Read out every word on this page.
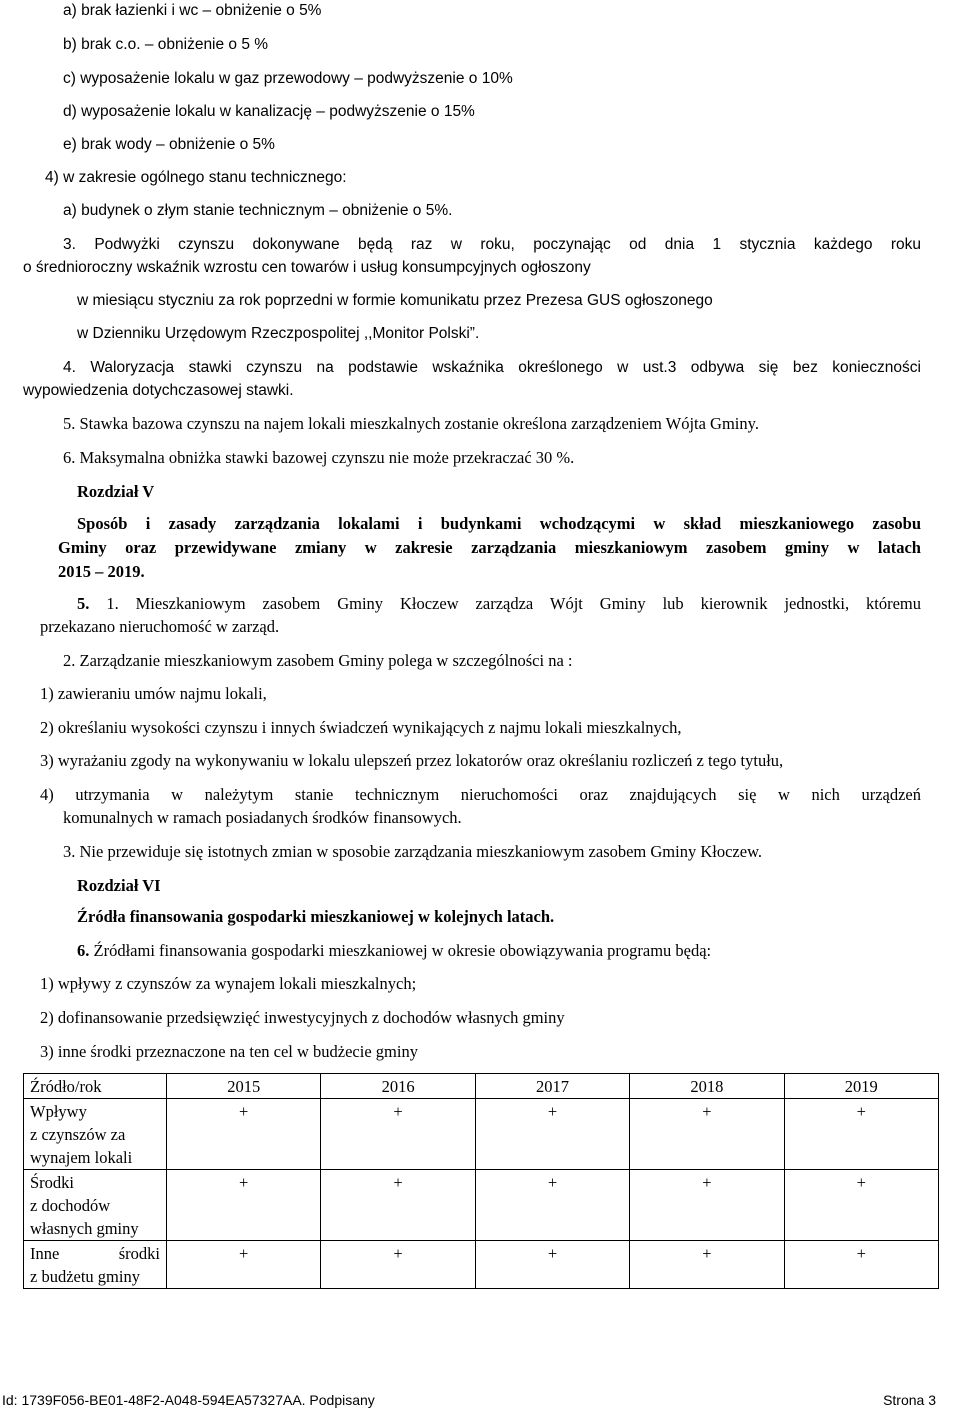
a) brak łazienki i wc – obniżenie o 5%
b) brak c.o. – obniżenie o 5 %
c) wyposażenie lokalu w gaz przewodowy – podwyższenie o 10%
d) wyposażenie lokalu w kanalizację – podwyższenie o 15%
e) brak wody – obniżenie o 5%
4) w zakresie ogólnego stanu technicznego:
a) budynek o złym stanie technicznym – obniżenie o 5%.
3. Podwyżki czynszu dokonywane będą raz w roku, poczynając od dnia 1 stycznia każdego roku
o średnioroczny wskaźnik wzrostu cen towarów i usług konsumpcyjnych ogłoszony
w miesiącu styczniu za rok poprzedni w formie komunikatu przez Prezesa GUS ogłoszonego
w Dzienniku Urzędowym Rzeczpospolitej ,,Monitor Polski”.
4. Waloryzacja stawki czynszu na podstawie wskaźnika określonego w ust.3 odbywa się bez konieczności
wypowiedzenia dotychczasowej stawki.
5. Stawka bazowa czynszu na najem lokali mieszkalnych zostanie określona zarządzeniem Wójta Gminy.
6. Maksymalna obniżka stawki bazowej czynszu nie może przekraczać 30 %.
Rozdział V
Sposób i zasady zarządzania lokalami i budynkami wchodzącymi w skład mieszkaniowego zasobu
Gminy oraz przewidywane zmiany w zakresie zarządzania mieszkaniowym zasobem gminy w latach
2015 – 2019.
5. 1. Mieszkaniowym zasobem Gminy Kłoczew zarządza Wójt Gminy lub kierownik jednostki, któremu
przekazano nieruchomość w zarząd.
2. Zarządzanie mieszkaniowym zasobem Gminy polega w szczególności na :
1) zawieraniu umów najmu lokali,
2) określaniu wysokości czynszu i innych świadczeń wynikających z najmu lokali mieszkalnych,
3) wyrażaniu zgody na wykonywaniu w lokalu ulepszeń przez lokatorów oraz określaniu rozliczeń z tego tytułu,
4) utrzymania w należytym stanie technicznym nieruchomości oraz znajdujących się w nich urządzeń
komunalnych w ramach posiadanych środków finansowych.
3. Nie przewiduje się istotnych zmian w sposobie zarządzania mieszkaniowym zasobem Gminy Kłoczew.
Rozdział VI
Źródła finansowania gospodarki mieszkaniowej w kolejnych latach.
6. Źródłami finansowania gospodarki mieszkaniowej w okresie obowiązywania programu będą:
1) wpływy z czynszów za wynajem lokali mieszkalnych;
2) dofinansowanie przedsięwzięć inwestycyjnych z dochodów własnych gminy
3) inne środki przeznaczone na ten cel w budżecie gminy
Źródło/rok	2015	2016	2017	2018	2019

Wpływy
z czynszów za
wynajem lokali	+	+	+	+	+

Środki
z dochodów
własnych gminy	+	+	+	+	+

Inne środki
z budżetu gminy	+	+	+	+	+
Id: 1739F056-BE01-48F2-A048-594EA57327AA. Podpisany	Strona 3
